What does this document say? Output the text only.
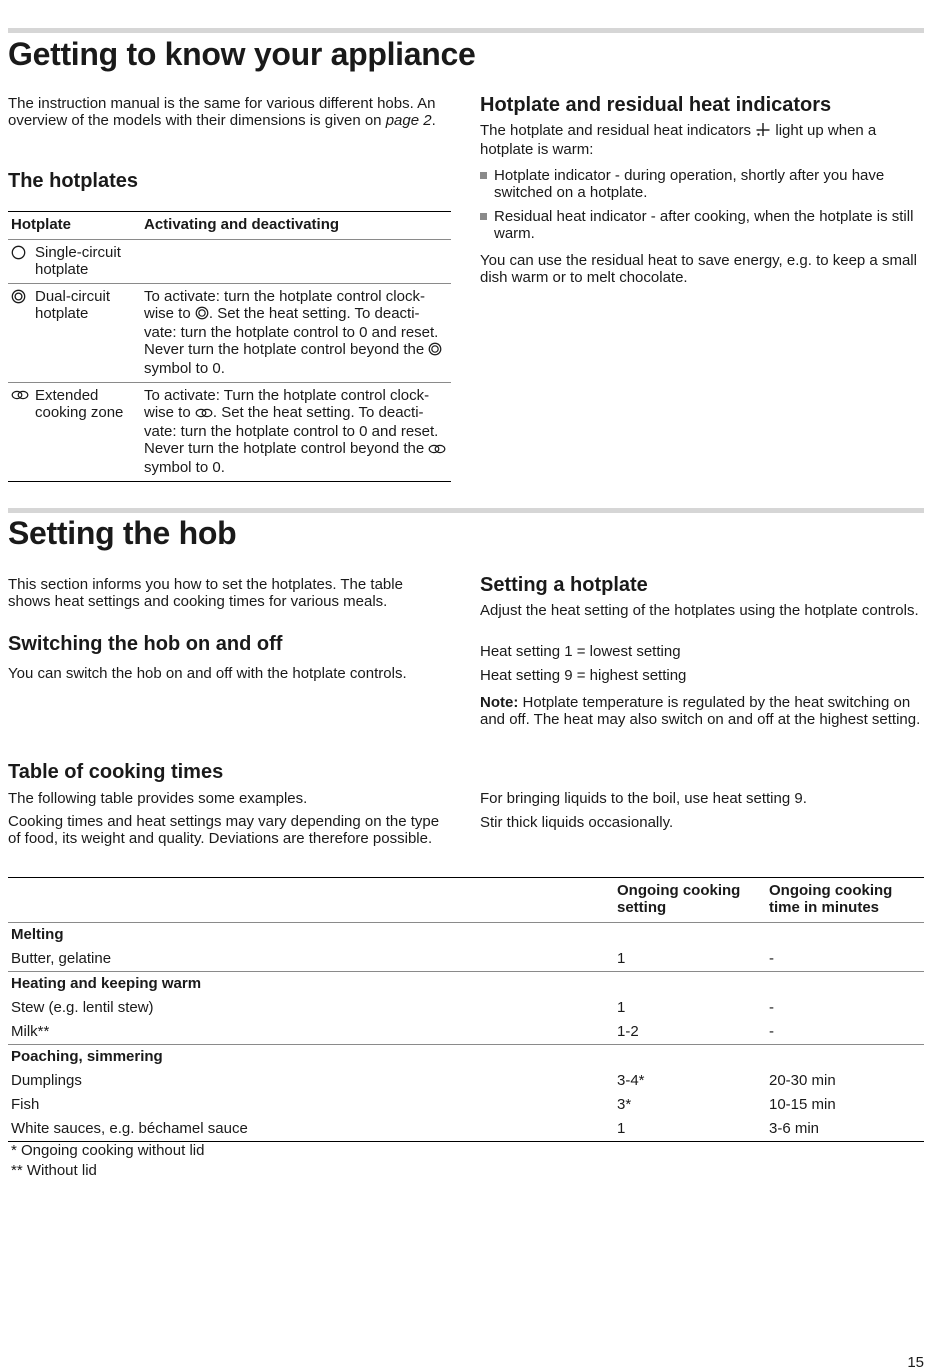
Getting to know your appliance

The instruction manual is the same for various different hobs. An overview of the models with their dimensions is given on page 2.

The hotplates
Hotplate	Activating and deactivating

Single-circuit hotplate	

Dual-circuit hotplate	To activate: turn the hotplate control clock-wise to . Set the heat setting. To deacti-vate: turn the hotplate control to 0 and reset. Never turn the hotplate control beyond the  symbol to 0.

Extended cooking zone	To activate: Turn the hotplate control clock-wise to . Set the heat setting. To deacti-vate: turn the hotplate control to 0 and reset. Never turn the hotplate control beyond the  symbol to 0.
Hotplate and residual heat indicators

The hotplate and residual heat indicators  light up when a hotplate is warm:

Hotplate indicator - during operation, shortly after you have switched on a hotplate.
Residual heat indicator - after cooking, when the hotplate is still warm.

You can use the residual heat to save energy, e.g. to keep a small dish warm or to melt chocolate.

Setting the hob

This section informs you how to set the hotplates. The table shows heat settings and cooking times for various meals.

Switching the hob on and off

You can switch the hob on and off with the hotplate controls.

Setting a hotplate

Adjust the heat setting of the hotplates using the hotplate controls.

Heat setting 1 = lowest setting

Heat setting 9 = highest setting

Note: Hotplate temperature is regulated by the heat switching on and off. The heat may also switch on and off at the highest setting.

Table of cooking times

The following table provides some examples.

Cooking times and heat settings may vary depending on the type of food, its weight and quality. Deviations are therefore possible.

For bringing liquids to the boil, use heat setting 9.

Stir thick liquids occasionally.

	Ongoing cooking setting	Ongoing cooking time in minutes
Melting		
Butter, gelatine	1	-
Heating and keeping warm		
Stew (e.g. lentil stew)	1	-
Milk**	1-2	-
Poaching, simmering		
Dumplings	3-4*	20-30 min
Fish	3*	10-15 min
White sauces, e.g. béchamel sauce	1	3-6 min

* Ongoing cooking without lid

** Without lid

15
